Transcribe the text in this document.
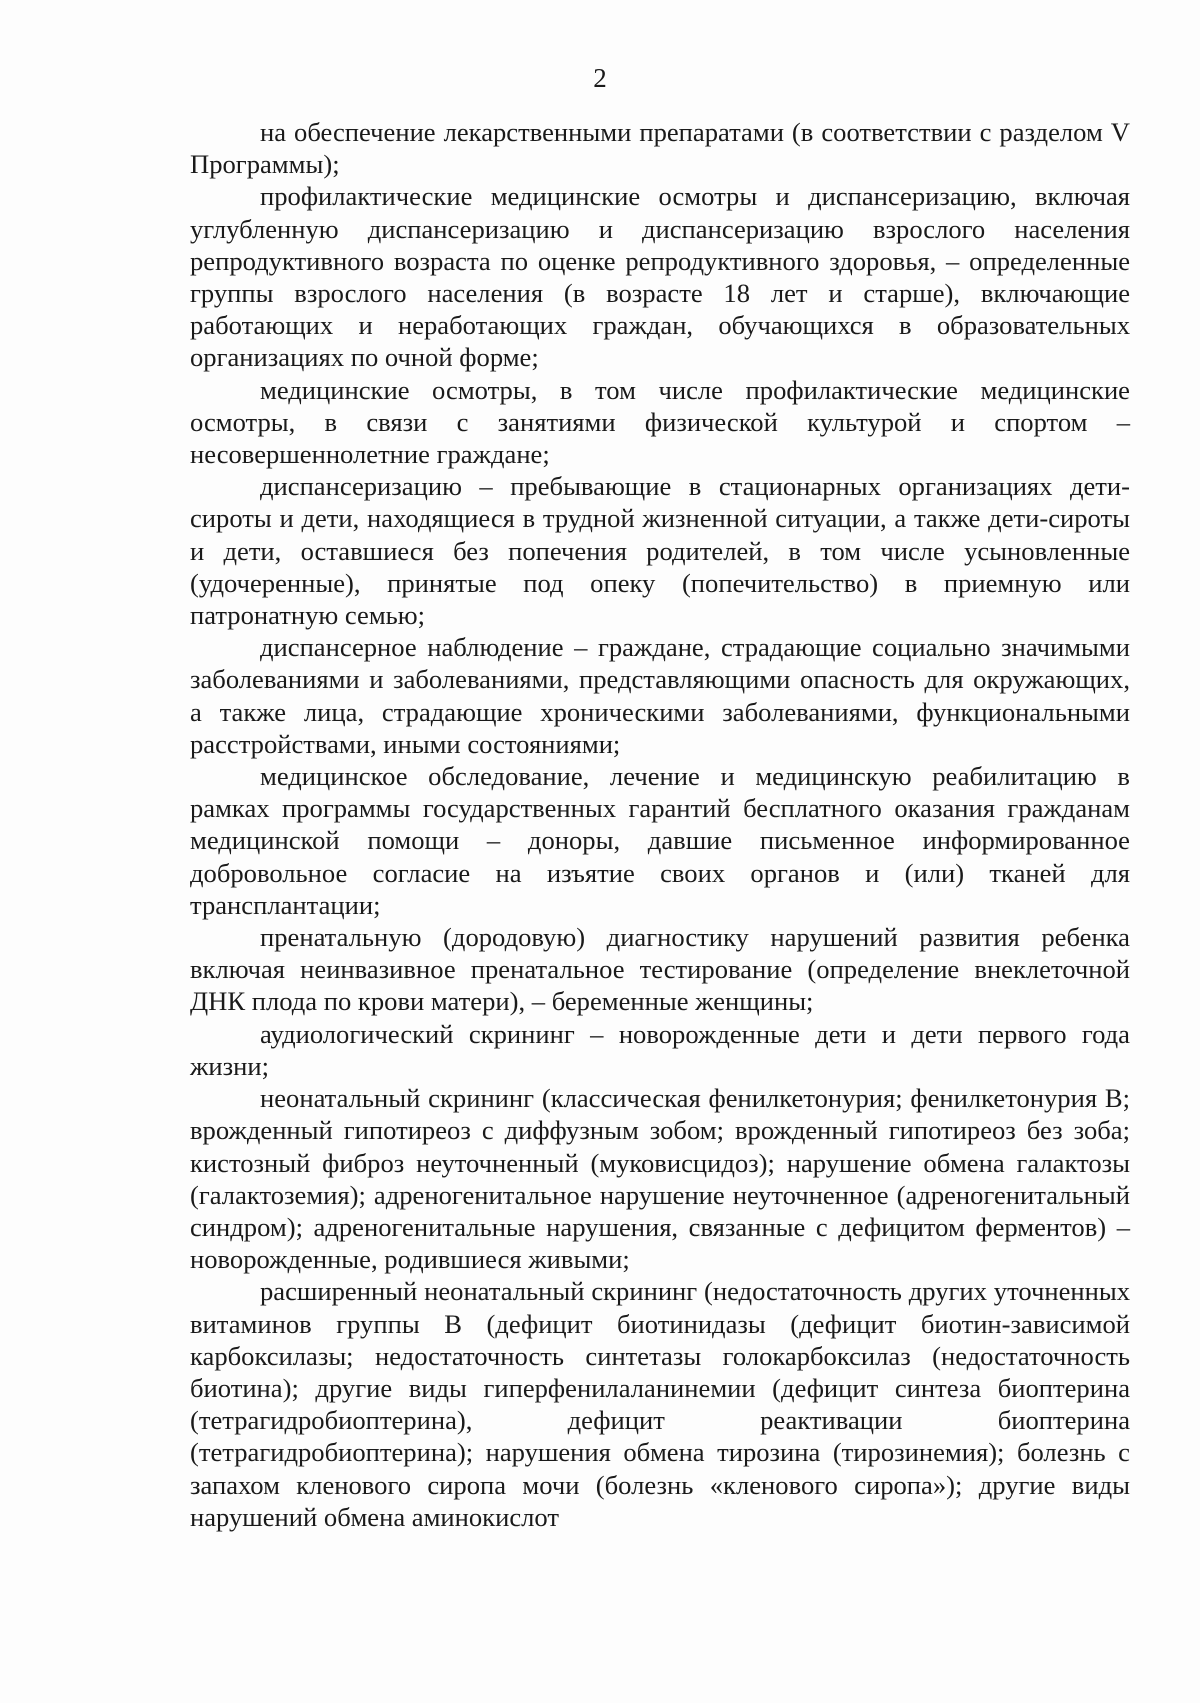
2

на обеспечение лекарственными препаратами (в соответствии с разделом V Программы);

профилактические медицинские осмотры и диспансеризацию, включая углубленную диспансеризацию и диспансеризацию взрослого населения репродуктивного возраста по оценке репродуктивного здоровья, – определенные группы взрослого населения (в возрасте 18 лет и старше), включающие работающих и неработающих граждан, обучающихся в образовательных организациях по очной форме;

медицинские осмотры, в том числе профилактические медицинские осмотры, в связи с занятиями физической культурой и спортом – несовершеннолетние граждане;

диспансеризацию – пребывающие в стационарных организациях дети-сироты и дети, находящиеся в трудной жизненной ситуации, а также дети-сироты и дети, оставшиеся без попечения родителей, в том числе усыновленные (удочеренные), принятые под опеку (попечительство) в приемную или патронатную семью;

диспансерное наблюдение – граждане, страдающие социально значимыми заболеваниями и заболеваниями, представляющими опасность для окружающих, а также лица, страдающие хроническими заболеваниями, функциональными расстройствами, иными состояниями;

медицинское обследование, лечение и медицинскую реабилитацию в рамках программы государственных гарантий бесплатного оказания гражданам медицинской помощи – доноры, давшие письменное информированное добровольное согласие на изъятие своих органов и (или) тканей для трансплантации;

пренатальную (дородовую) диагностику нарушений развития ребенка включая неинвазивное пренатальное тестирование (определение внеклеточной ДНК плода по крови матери), – беременные женщины;

аудиологический скрининг – новорожденные дети и дети первого года жизни;

неонатальный скрининг (классическая фенилкетонурия; фенилкетонурия В; врожденный гипотиреоз с диффузным зобом; врожденный гипотиреоз без зоба; кистозный фиброз неуточненный (муковисцидоз); нарушение обмена галактозы (галактоземия); адреногенитальное нарушение неуточненное (адреногенитальный синдром); адреногенитальные нарушения, связанные с дефицитом ферментов) – новорожденные, родившиеся живыми;

расширенный неонатальный скрининг (недостаточность других уточненных витаминов группы В (дефицит биотинидазы (дефицит биотин-зависимой карбоксилазы; недостаточность синтетазы голокарбоксилаз (недостаточность биотина); другие виды гиперфенилаланинемии (дефицит синтеза биоптерина (тетрагидробиоптерина), дефицит реактивации биоптерина (тетрагидробиоптерина); нарушения обмена тирозина (тирозинемия); болезнь с запахом кленового сиропа мочи (болезнь «кленового сиропа»); другие виды нарушений обмена аминокислот
